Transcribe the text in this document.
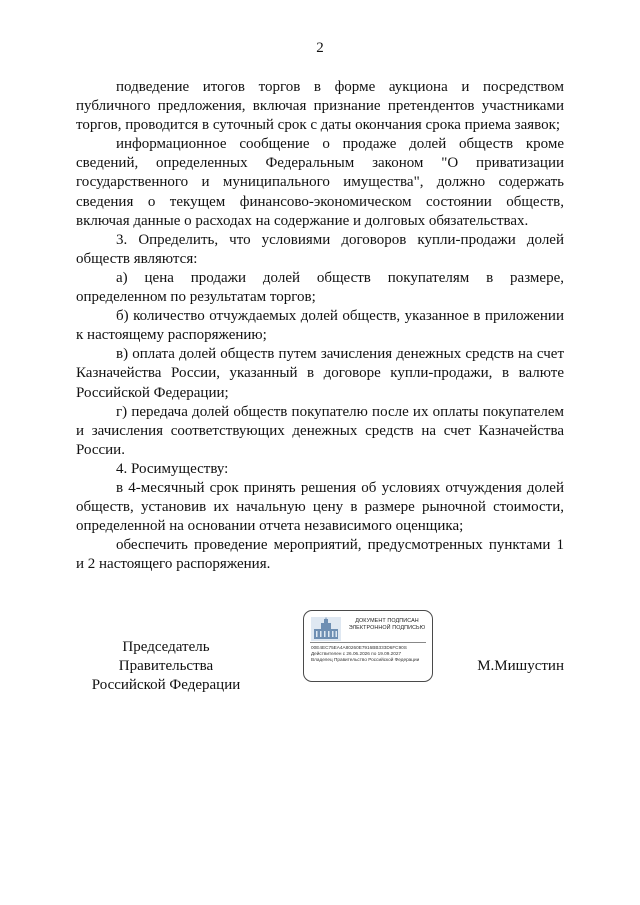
2

подведение итогов торгов в форме аукциона и посредством публичного предложения, включая признание претендентов участниками торгов, проводится в суточный срок с даты окончания срока приема заявок;

информационное сообщение о продаже долей обществ кроме сведений, определенных Федеральным законом "О приватизации государственного и муниципального имущества", должно содержать сведения о текущем финансово-экономическом состоянии обществ, включая данные о расходах на содержание и долговых обязательствах.

3. Определить, что условиями договоров купли-продажи долей обществ являются:

а) цена продажи долей обществ покупателям в размере, определенном по результатам торгов;

б) количество отчуждаемых долей обществ, указанное в приложении к настоящему распоряжению;

в) оплата долей обществ путем зачисления денежных средств на счет Казначейства России, указанный в договоре купли-продажи, в валюте Российской Федерации;

г) передача долей обществ покупателю после их оплаты покупателем и зачисления соответствующих денежных средств на счет Казначейства России.

4. Росимуществу:

в 4-месячный срок принять решения об условиях отчуждения долей обществ, установив их начальную цену в размере рыночной стоимости, определенной на основании отчета независимого оценщика;

обеспечить проведение мероприятий, предусмотренных пунктами 1 и 2 настоящего распоряжения.

Председатель Правительства
Российской Федерации
ДОКУМЕНТ ПОДПИСАН
ЭЛЕКТРОННОЙ ПОДПИСЬЮ
00E4EC75EA4A80260E7916BB333D6FC90S
Действителен с 26.06.2026 по 19.09.2027
Владелец Правительство Российской Федерации	М.Мишустин
